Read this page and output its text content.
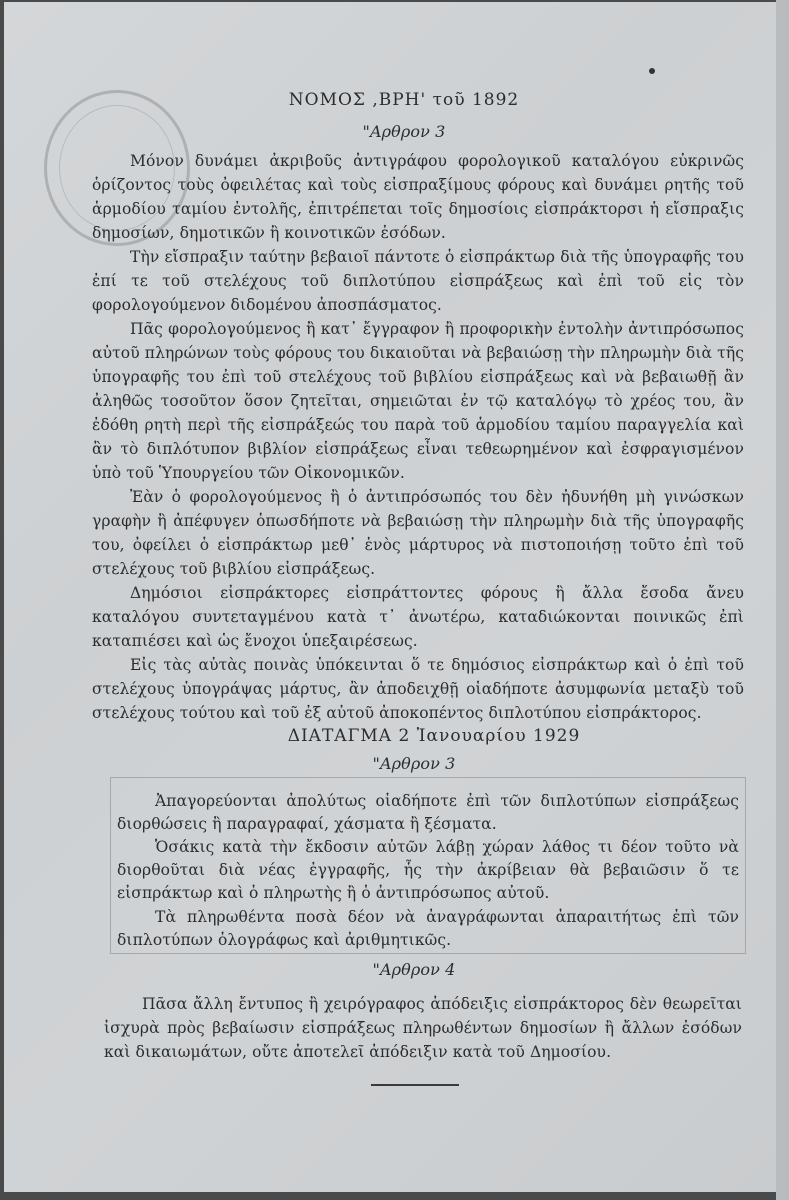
ΝΟΜΟΣ ,ΒΡΗ' τοῦ 1892
"Αρθρον 3

Μόνον δυνάμει ἀκριβοῦς ἀντιγράφου φορολογικοῦ καταλόγου εὐκρινῶς ὁρίζοντος τοὺς ὀφειλέτας καὶ τοὺς εἰσπραξίμους φόρους καὶ δυνάμει ρητῆς τοῦ ἁρμοδίου ταμίου ἐντολῆς, ἐπιτρέπεται τοῖς δημοσίοις εἰσπράκτορσι ἡ εἴσπραξις δημοσίων, δημοτικῶν ἢ κοινοτικῶν ἐσόδων.

Τὴν εἴσπραξιν ταύτην βεβαιοῖ πάντοτε ὁ εἰσπράκτωρ διὰ τῆς ὑπογραφῆς του ἐπί τε τοῦ στελέχους τοῦ διπλοτύπου εἰσπράξεως καὶ ἐπὶ τοῦ εἰς τὸν φορολογούμενον διδομένου ἀποσπάσματος.

Πᾶς φορολογούμενος ἢ κατ᾽ ἔγγραφον ἢ προφορικὴν ἐντολὴν ἀντιπρόσωπος αὐτοῦ πληρώνων τοὺς φόρους του δικαιοῦται νὰ βεβαιώσῃ τὴν πληρωμὴν διὰ τῆς ὑπογραφῆς του ἐπὶ τοῦ στελέχους τοῦ βιβλίου εἰσπράξεως καὶ νὰ βεβαιωθῇ ἂν ἀληθῶς τοσοῦτον ὅσον ζητεῖται, σημειῶται ἐν τῷ καταλόγῳ τὸ χρέος του, ἂν ἐδόθη ρητὴ περὶ τῆς εἰσπράξεώς του παρὰ τοῦ ἁρμοδίου ταμίου παραγγελία καὶ ἂν τὸ διπλότυπον βιβλίον εἰσπράξεως εἶναι τεθεωρημένον καὶ ἐσφραγισμένον ὑπὸ τοῦ Ὑπουργείου τῶν Οἰκονομικῶν.

Ἐὰν ὁ φορολογούμενος ἢ ὁ ἀντιπρόσωπός του δὲν ἠδυνήθη μὴ γινώσκων γραφὴν ἢ ἀπέφυγεν ὁπωσδήποτε νὰ βεβαιώσῃ τὴν πληρωμὴν διὰ τῆς ὑπογραφῆς του, ὀφείλει ὁ εἰσπράκτωρ μεθ᾽ ἑνὸς μάρτυρος νὰ πιστοποιήσῃ τοῦτο ἐπὶ τοῦ στελέχους τοῦ βιβλίου εἰσπράξεως.

Δημόσιοι εἰσπράκτορες εἰσπράττοντες φόρους ἢ ἄλλα ἔσοδα ἄνευ καταλόγου συντεταγμένου κατὰ τ᾽ ἀνωτέρω, καταδιώκονται ποινικῶς ἐπὶ καταπιέσει καὶ ὡς ἔνοχοι ὑπεξαιρέσεως.

Εἰς τὰς αὐτὰς ποινὰς ὑπόκεινται ὅ τε δημόσιος εἰσπράκτωρ καὶ ὁ ἐπὶ τοῦ στελέχους ὑπογράψας μάρτυς, ἂν ἀποδειχθῇ οἱαδήποτε ἀσυμφωνία μεταξὺ τοῦ στελέχους τούτου καὶ τοῦ ἐξ αὐτοῦ ἀποκοπέντος διπλοτύπου εἰσπράκτορος.

ΔΙΑΤΑΓΜΑ 2 Ἰανουαρίου 1929
"Αρθρον 3

Ἀπαγορεύονται ἀπολύτως οἱαδήποτε ἐπὶ τῶν διπλοτύπων εἰσπράξεως διορθώσεις ἢ παραγραφαί, χάσματα ἢ ξέσματα.

Ὁσάκις κατὰ τὴν ἔκδοσιν αὐτῶν λάβῃ χώραν λάθος τι δέον τοῦτο νὰ διορθοῦται διὰ νέας ἐγγραφῆς, ἧς τὴν ἀκρίβειαν θὰ βεβαιῶσιν ὅ τε εἰσπράκτωρ καὶ ὁ πληρωτὴς ἢ ὁ ἀντιπρόσωπος αὐτοῦ.

Τὰ πληρωθέντα ποσὰ δέον νὰ ἀναγράφωνται ἀπαραιτήτως ἐπὶ τῶν διπλοτύπων ὁλογράφως καὶ ἀριθμητικῶς.

"Αρθρον 4

Πᾶσα ἄλλη ἔντυπος ἢ χειρόγραφος ἀπόδειξις εἰσπράκτορος δὲν θεωρεῖται ἰσχυρὰ πρὸς βεβαίωσιν εἰσπράξεως πληρωθέντων δημοσίων ἢ ἄλλων ἐσόδων καὶ δικαιωμάτων, οὔτε ἀποτελεῖ ἀπόδειξιν κατὰ τοῦ Δημοσίου.
